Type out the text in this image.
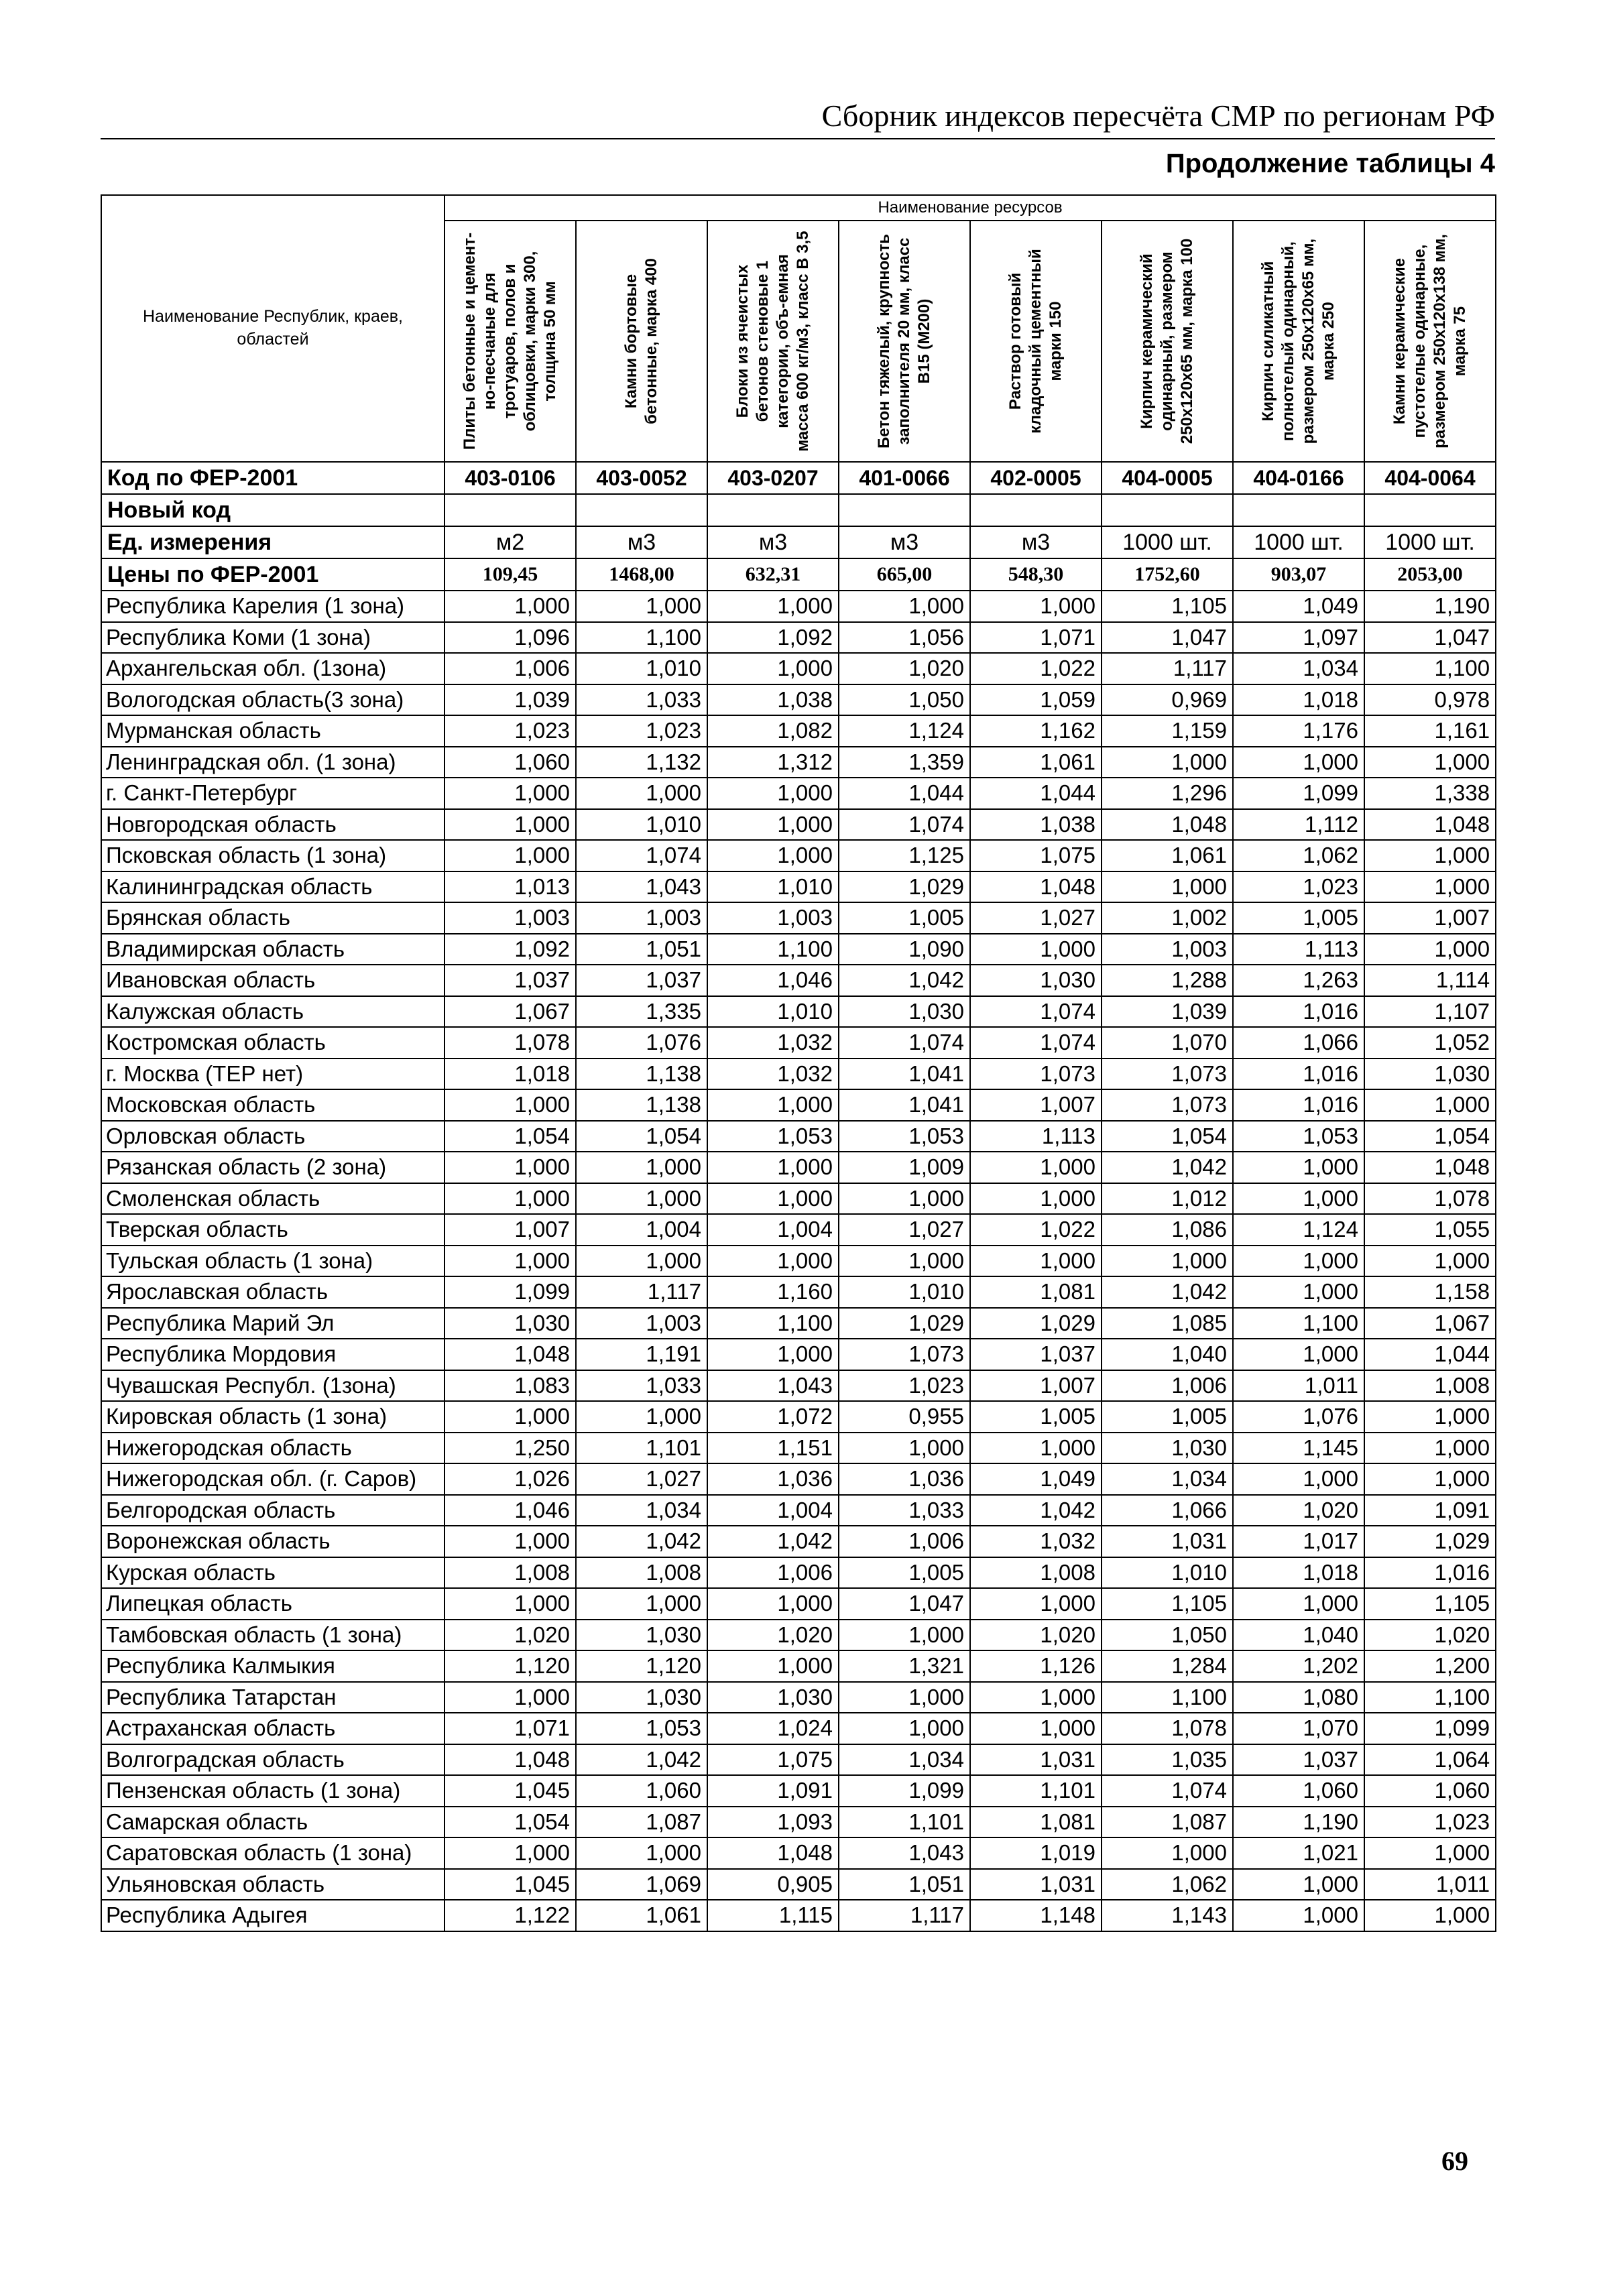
Сборник индексов пересчёта СМР по регионам РФ
Продолжение таблицы 4
Наименование Республик, краев, областей	Наименование ресурсов							

	Плиты бетонные и цемент-но-песчаные для тротуаров, полов и облицовки, марки 300, толщина 50 мм	Камни бортовые бетонные, марка 400	Блоки из ячеистых бетонов стеновые 1 категории, объ-емная масса 600 кг/м3, класс В 3,5	Бетон тяжелый, крупность заполнителя 20 мм, класс В15 (М200)	Раствор готовый кладочный цементный марки 150	Кирпич керамический одинарный, размером 250х120х65 мм, марка 100	Кирпич силикатный полнотелый одинарный, размером 250х120х65 мм, марка 250	Камни керамические пустотелые одинарные, размером 250х120х138 мм, марка 75

Код по ФЕР-2001	403-0106	403-0052	403-0207	401-0066	402-0005	404-0005	404-0166	404-0064
Новый код								
Ед. измерения	м2	м3	м3	м3	м3	1000 шт.	1000 шт.	1000 шт.
Цены по ФЕР-2001	109,45	1468,00	632,31	665,00	548,30	1752,60	903,07	2053,00
Республика Карелия (1 зона)	1,000	1,000	1,000	1,000	1,000	1,105	1,049	1,190
Республика Коми (1 зона)	1,096	1,100	1,092	1,056	1,071	1,047	1,097	1,047
Архангельская обл. (1зона)	1,006	1,010	1,000	1,020	1,022	1,117	1,034	1,100
Вологодская область(3 зона)	1,039	1,033	1,038	1,050	1,059	0,969	1,018	0,978
Мурманская область	1,023	1,023	1,082	1,124	1,162	1,159	1,176	1,161
Ленинградская обл. (1 зона)	1,060	1,132	1,312	1,359	1,061	1,000	1,000	1,000
г. Санкт-Петербург	1,000	1,000	1,000	1,044	1,044	1,296	1,099	1,338
Новгородская область	1,000	1,010	1,000	1,074	1,038	1,048	1,112	1,048
Псковская область (1 зона)	1,000	1,074	1,000	1,125	1,075	1,061	1,062	1,000
Калининградская область	1,013	1,043	1,010	1,029	1,048	1,000	1,023	1,000
Брянская область	1,003	1,003	1,003	1,005	1,027	1,002	1,005	1,007
Владимирская область	1,092	1,051	1,100	1,090	1,000	1,003	1,113	1,000
Ивановская область	1,037	1,037	1,046	1,042	1,030	1,288	1,263	1,114
Калужская область	1,067	1,335	1,010	1,030	1,074	1,039	1,016	1,107
Костромская область	1,078	1,076	1,032	1,074	1,074	1,070	1,066	1,052
г. Москва (ТЕР нет)	1,018	1,138	1,032	1,041	1,073	1,073	1,016	1,030
Московская область	1,000	1,138	1,000	1,041	1,007	1,073	1,016	1,000
Орловская область	1,054	1,054	1,053	1,053	1,113	1,054	1,053	1,054
Рязанская область (2 зона)	1,000	1,000	1,000	1,009	1,000	1,042	1,000	1,048
Смоленская область	1,000	1,000	1,000	1,000	1,000	1,012	1,000	1,078
Тверская область	1,007	1,004	1,004	1,027	1,022	1,086	1,124	1,055
Тульская область (1 зона)	1,000	1,000	1,000	1,000	1,000	1,000	1,000	1,000
Ярославская область	1,099	1,117	1,160	1,010	1,081	1,042	1,000	1,158
Республика Марий Эл	1,030	1,003	1,100	1,029	1,029	1,085	1,100	1,067
Республика Мордовия	1,048	1,191	1,000	1,073	1,037	1,040	1,000	1,044
Чувашская Республ. (1зона)	1,083	1,033	1,043	1,023	1,007	1,006	1,011	1,008
Кировская область (1 зона)	1,000	1,000	1,072	0,955	1,005	1,005	1,076	1,000
Нижегородская область	1,250	1,101	1,151	1,000	1,000	1,030	1,145	1,000
Нижегородская обл. (г. Саров)	1,026	1,027	1,036	1,036	1,049	1,034	1,000	1,000
Белгородская область	1,046	1,034	1,004	1,033	1,042	1,066	1,020	1,091
Воронежская область	1,000	1,042	1,042	1,006	1,032	1,031	1,017	1,029
Курская область	1,008	1,008	1,006	1,005	1,008	1,010	1,018	1,016
Липецкая область	1,000	1,000	1,000	1,047	1,000	1,105	1,000	1,105
Тамбовская область (1 зона)	1,020	1,030	1,020	1,000	1,020	1,050	1,040	1,020
Республика Калмыкия	1,120	1,120	1,000	1,321	1,126	1,284	1,202	1,200
Республика Татарстан	1,000	1,030	1,030	1,000	1,000	1,100	1,080	1,100
Астраханская область	1,071	1,053	1,024	1,000	1,000	1,078	1,070	1,099
Волгоградская область	1,048	1,042	1,075	1,034	1,031	1,035	1,037	1,064
Пензенская область (1 зона)	1,045	1,060	1,091	1,099	1,101	1,074	1,060	1,060
Самарская область	1,054	1,087	1,093	1,101	1,081	1,087	1,190	1,023
Саратовская область (1 зона)	1,000	1,000	1,048	1,043	1,019	1,000	1,021	1,000
Ульяновская область	1,045	1,069	0,905	1,051	1,031	1,062	1,000	1,011
Республика Адыгея	1,122	1,061	1,115	1,117	1,148	1,143	1,000	1,000
69
